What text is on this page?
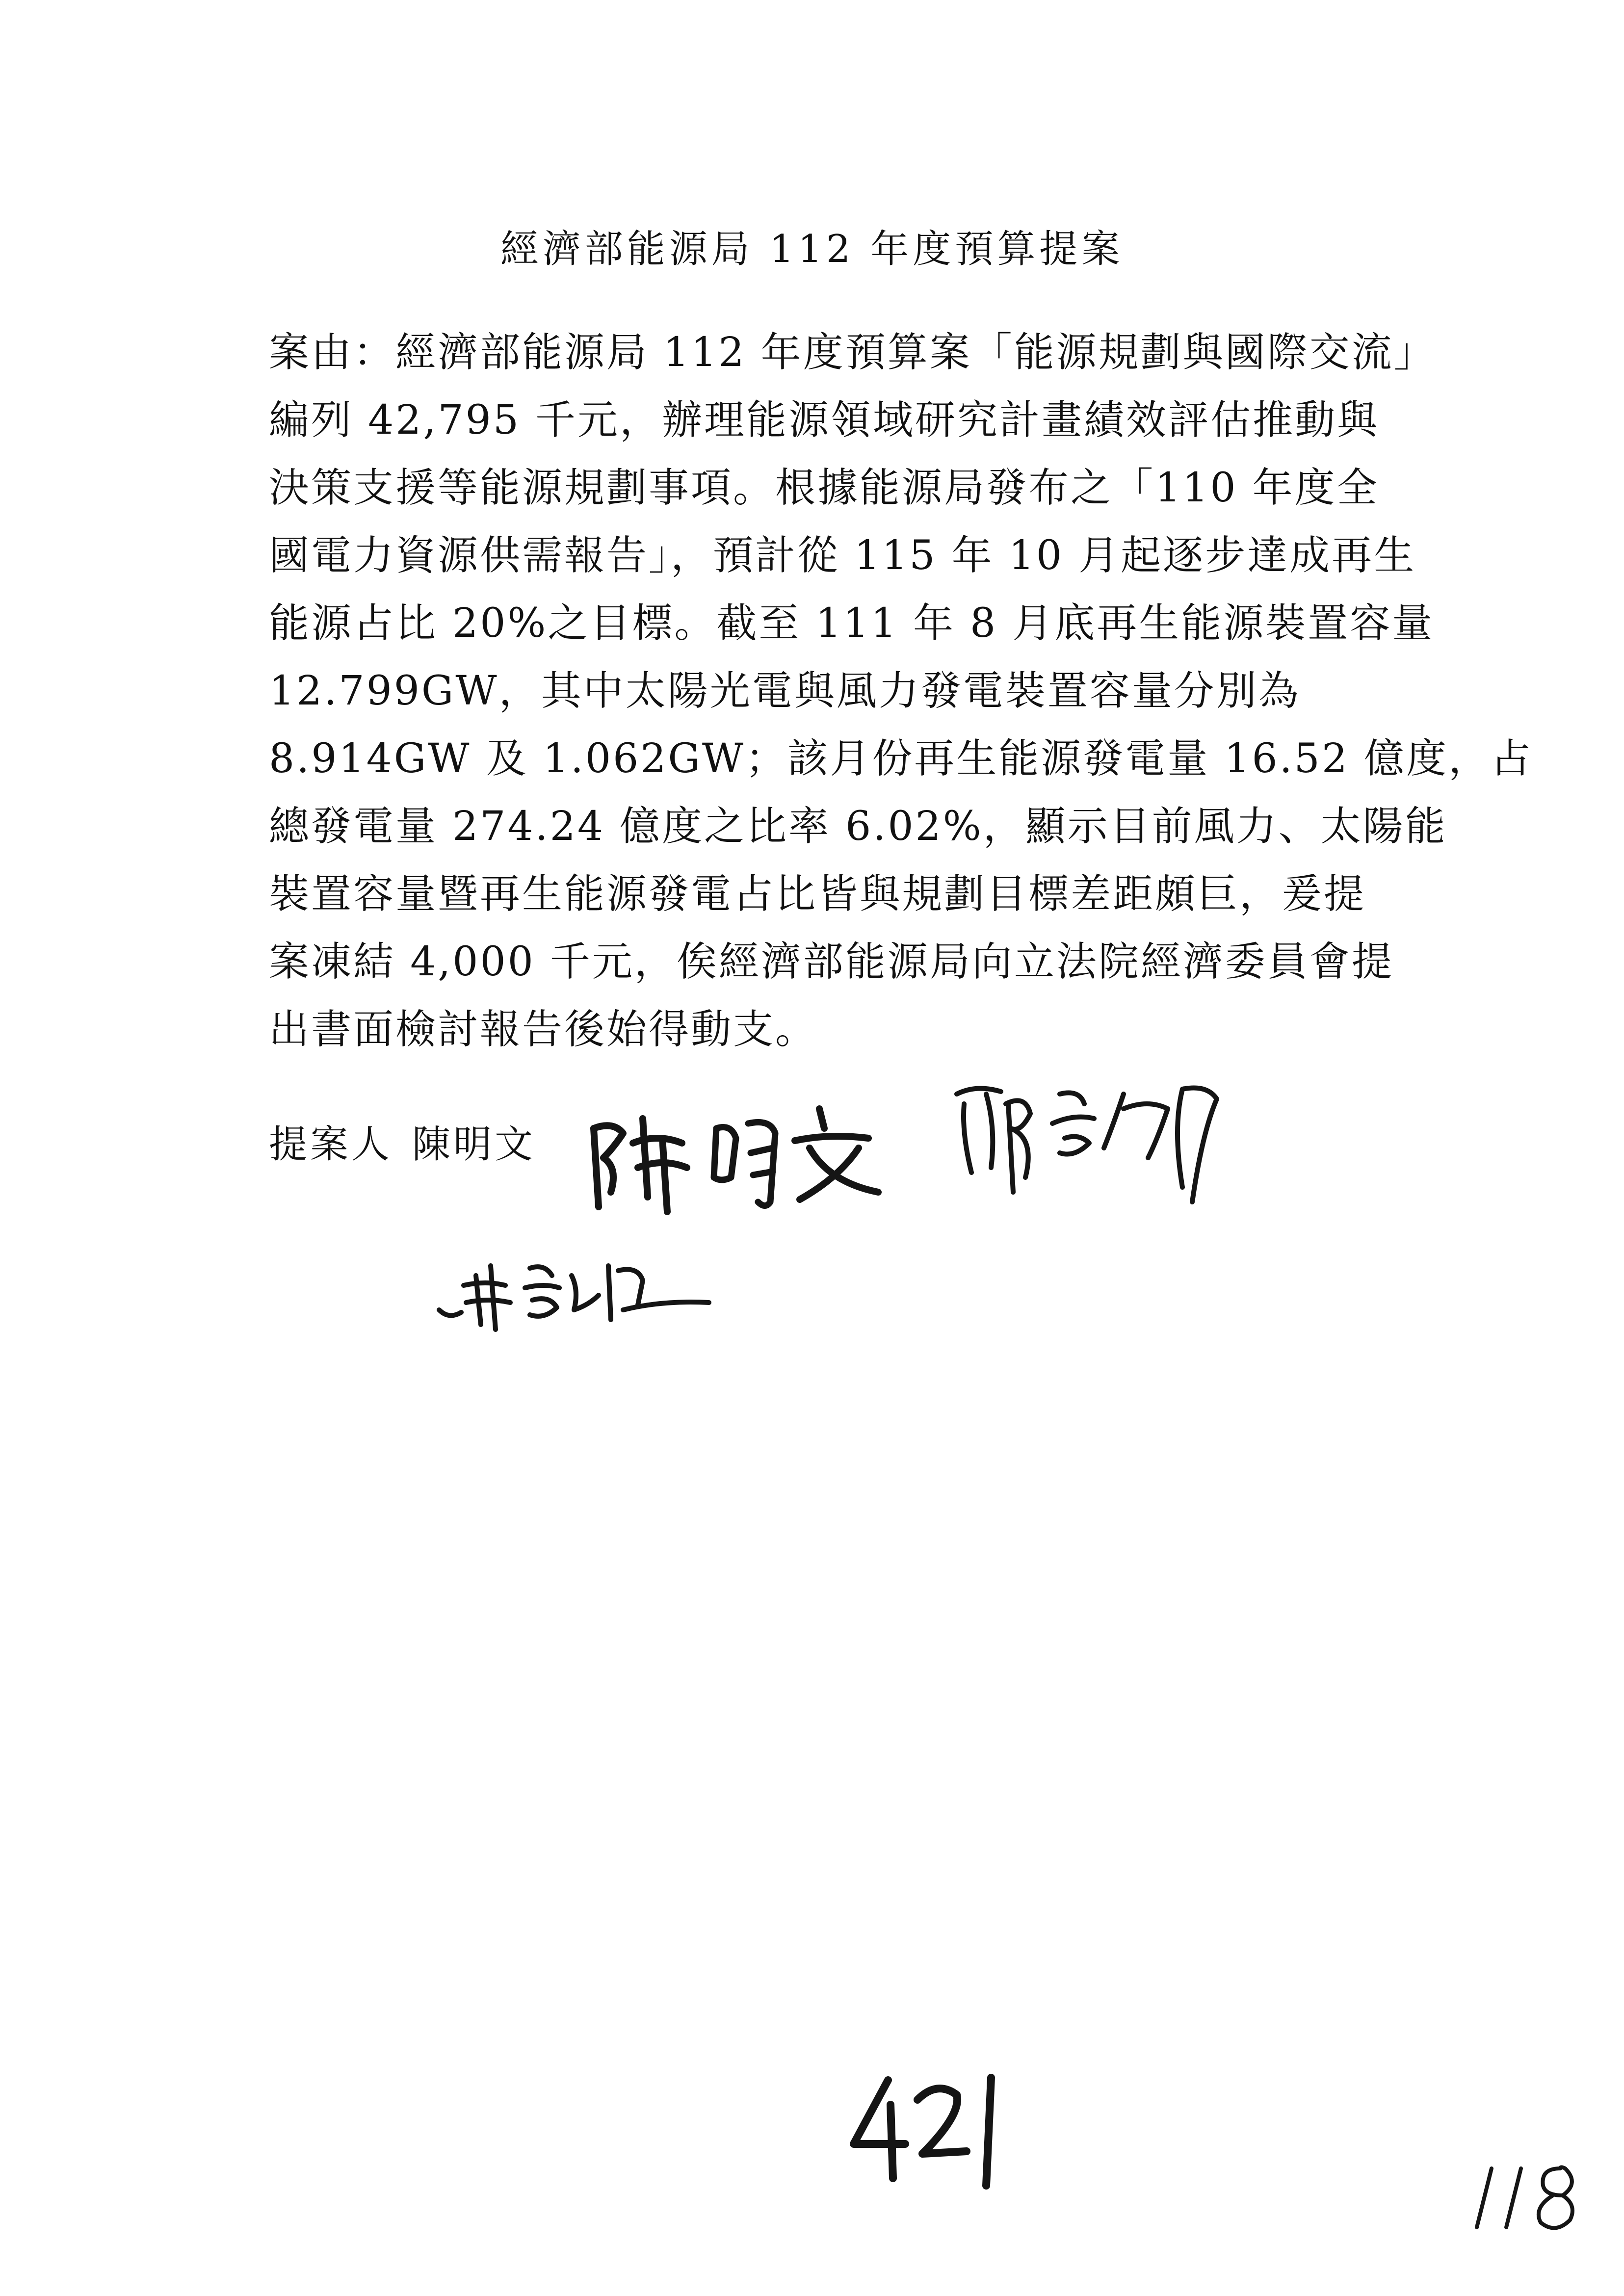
經濟部能源局 112 年度預算提案
案由：經濟部能源局 112 年度預算案「能源規劃與國際交流」
編列 42,795 千元，辦理能源領域研究計畫績效評估推動與
決策支援等能源規劃事項。根據能源局發布之「110 年度全
國電力資源供需報告」，預計從 115 年 10 月起逐步達成再生
能源占比 20%之目標。截至 111 年 8 月底再生能源裝置容量
12.799GW，其中太陽光電與風力發電裝置容量分別為
8.914GW 及 1.062GW；該月份再生能源發電量 16.52 億度，占
總發電量 274.24 億度之比率 6.02%，顯示目前風力、太陽能
裝置容量暨再生能源發電占比皆與規劃目標差距頗巨，爰提
案凍結 4,000 千元，俟經濟部能源局向立法院經濟委員會提
出書面檢討報告後始得動支。
提案人 陳明文
